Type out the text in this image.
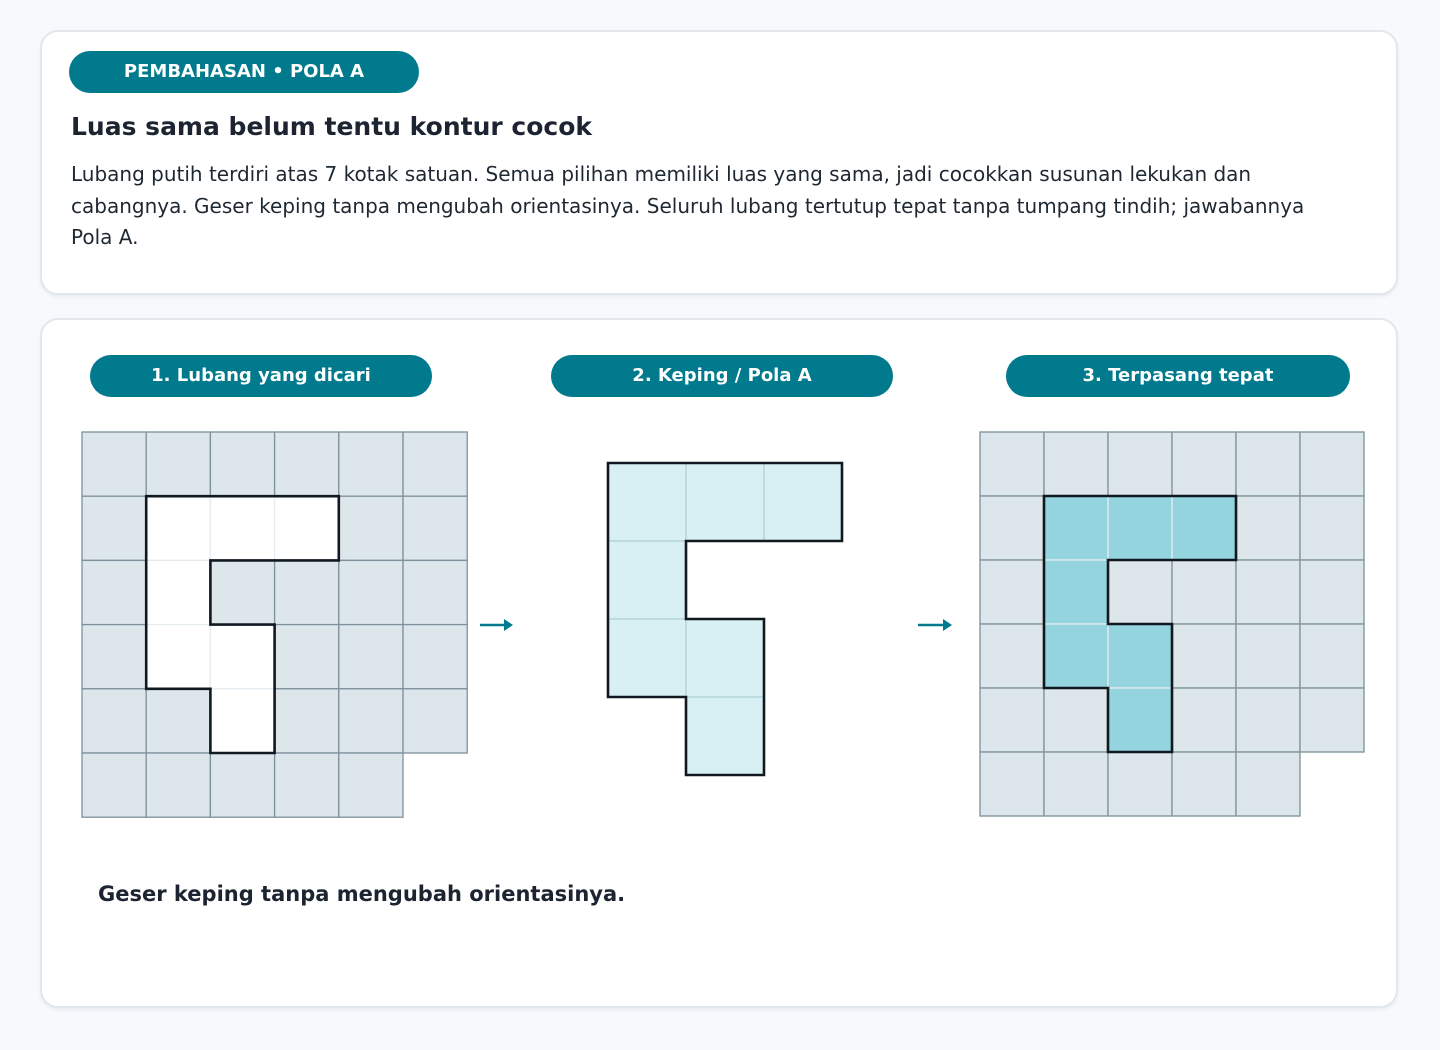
PEMBAHASAN • POLA A
Luas sama belum tentu kontur cocok

Lubang putih terdiri atas 7 kotak satuan. Semua pilihan memiliki luas yang sama, jadi cocokkan susunan lekukan dan cabangnya. Geser keping tanpa mengubah orientasinya. Seluruh lubang tertutup tepat tanpa tumpang tindih; jawabannya Pola A.

1. Lubang yang dicari	2. Keping / Pola A	3. Terpasang tepat

Geser keping tanpa mengubah orientasinya.
